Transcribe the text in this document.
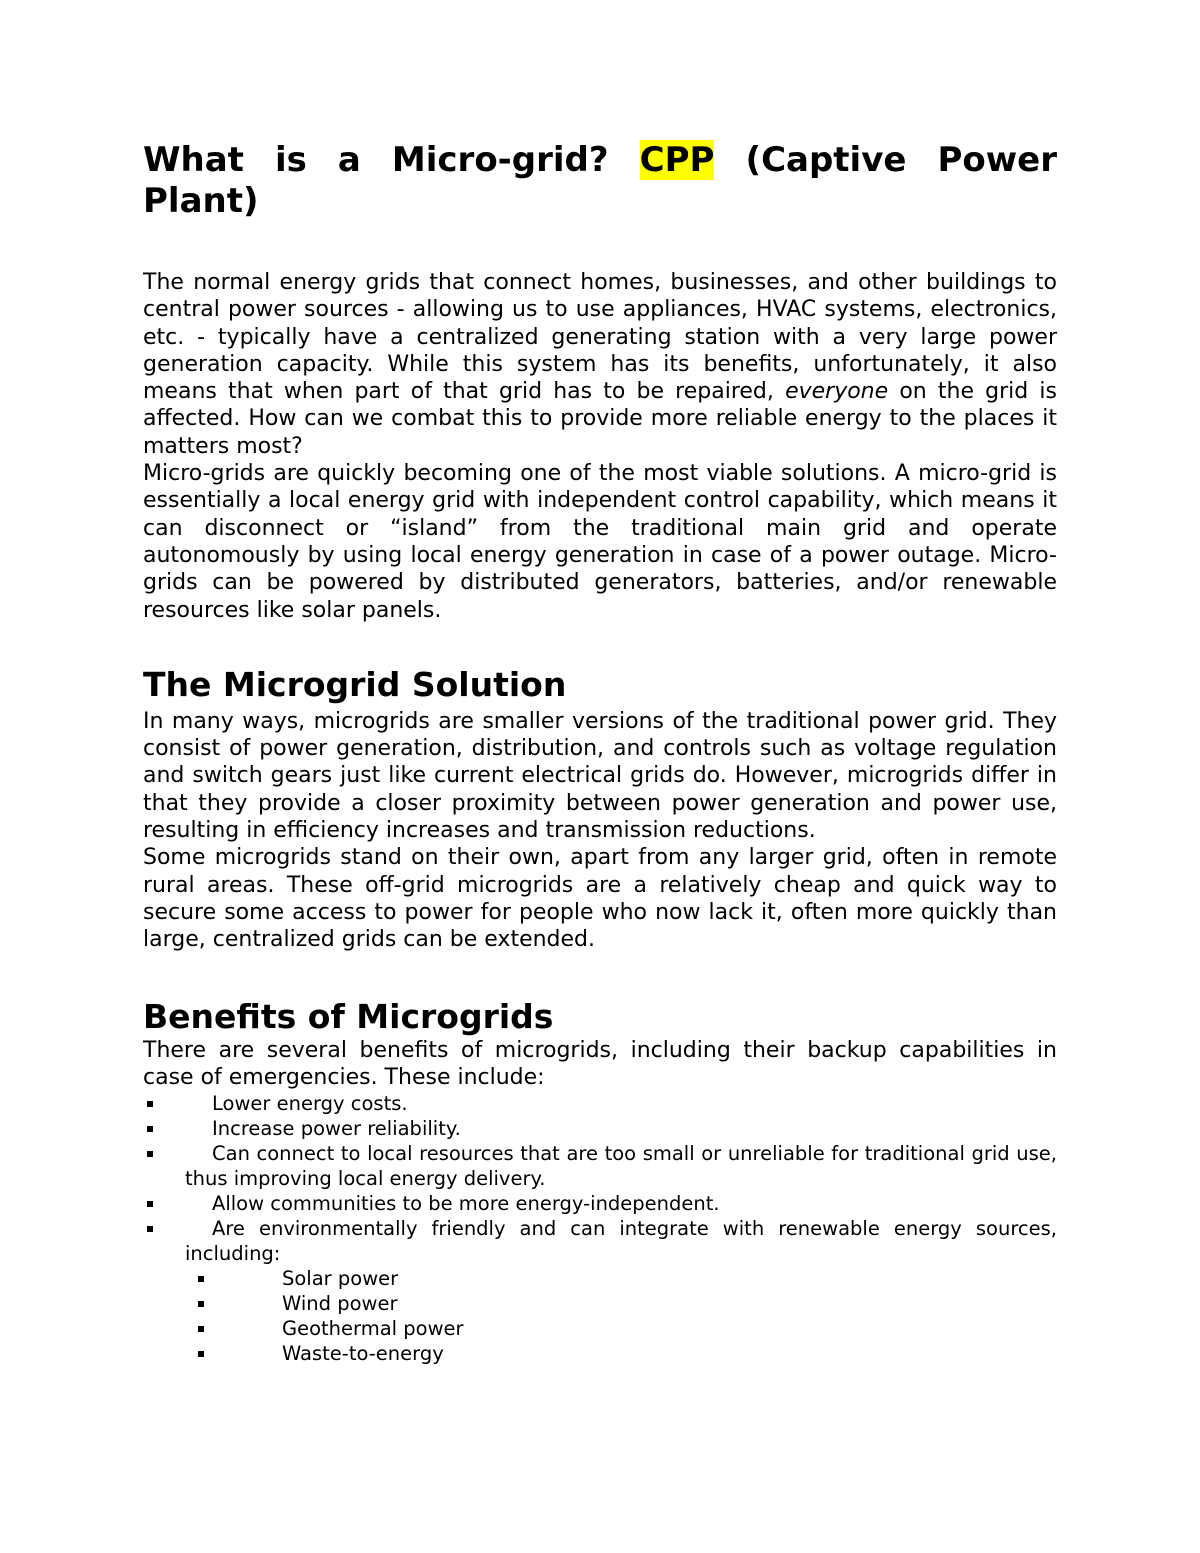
What is a Micro-grid? CPP (Captive Power Plant)

The normal energy grids that connect homes, businesses, and other buildings to central power sources - allowing us to use appliances, HVAC systems, electronics, etc. - typically have a centralized generating station with a very large power generation capacity. While this system has its benefits, unfortunately, it also means that when part of that grid has to be repaired, everyone on the grid is affected. How can we combat this to provide more reliable energy to the places it matters most?

Micro-grids are quickly becoming one of the most viable solutions. A micro-grid is essentially a local energy grid with independent control capability, which means it can disconnect or “island” from the traditional main grid and operate autonomously by using local energy generation in case of a power outage. Micro-grids can be powered by distributed generators, batteries, and/or renewable resources like solar panels.

The Microgrid Solution

In many ways, microgrids are smaller versions of the traditional power grid. They consist of power generation, distribution, and controls such as voltage regulation and switch gears just like current electrical grids do. However, microgrids differ in that they provide a closer proximity between power generation and power use, resulting in efficiency increases and transmission reductions.

Some microgrids stand on their own, apart from any larger grid, often in remote rural areas. These off-grid microgrids are a relatively cheap and quick way to secure some access to power for people who now lack it, often more quickly than large, centralized grids can be extended.

Benefits of Microgrids

There are several benefits of microgrids, including their backup capabilities in case of emergencies. These include:

Lower energy costs.
Increase power reliability.
Can connect to local resources that are too small or unreliable for traditional grid use, thus improving local energy delivery.
Allow communities to be more energy-independent.
Are environmentally friendly and can integrate with renewable energy sources, including:
Solar power
Wind power
Geothermal power
Waste-to-energy
